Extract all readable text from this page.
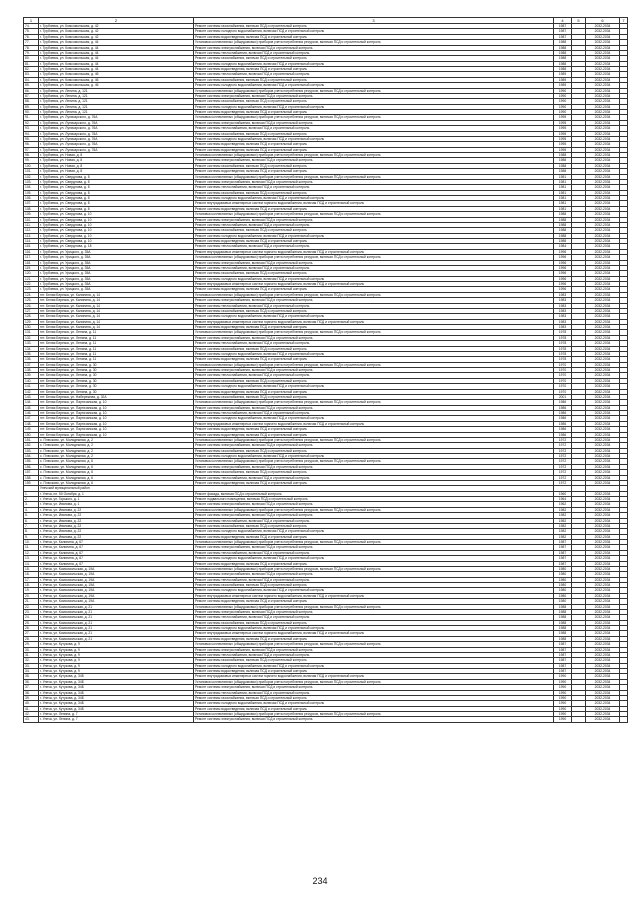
1	2	3	4	5	6	7
74.	г. Трубчевск, ул. Комсомольская, д. 42	Ремонт системы газоснабжения, включая ПСД и строительный контроль	1987		2032-2034	
75.	г. Трубчевск, ул. Комсомольская, д. 42	Ремонт системы холодного водоснабжения, включая ПСД и строительный контроль	1987		2032-2034	
76.	г. Трубчевск, ул. Комсомольская, д. 42	Ремонт системы водоотведения, включая ПСД и строительный контроль	1987		2032-2034	
77.	г. Трубчевск, ул. Комсомольская, д. 44	Установка коллективных (общедомовых) приборов учета потребления ресурсов, включая ПСД и строительный контроль	1988		2032-2034	
78.	г. Трубчевск, ул. Комсомольская, д. 44	Ремонт системы электроснабжения, включая ПСД и строительный контроль	1988		2032-2034	
79.	г. Трубчевск, ул. Комсомольская, д. 44	Ремонт системы теплоснабжения, включая ПСД и строительный контроль	1988		2032-2034	
80.	г. Трубчевск, ул. Комсомольская, д. 44	Ремонт системы газоснабжения, включая ПСД и строительный контроль	1988		2032-2034	
81.	г. Трубчевск, ул. Комсомольская, д. 44	Ремонт системы холодного водоснабжения, включая ПСД и строительный контроль	1988		2032-2034	
82.	г. Трубчевск, ул. Комсомольская, д. 44	Ремонт системы водоотведения, включая ПСД и строительный контроль	1988		2032-2034	
83.	г. Трубчевск, ул. Комсомольская, д. 46	Ремонт системы теплоснабжения, включая ПСД и строительный контроль	1989		2032-2034	
84.	г. Трубчевск, ул. Комсомольская, д. 46	Ремонт системы газоснабжения, включая ПСД и строительный контроль	1989		2032-2034	
85.	г. Трубчевск, ул. Комсомольская, д. 46	Ремонт системы холодного водоснабжения, включая ПСД и строительный контроль	1989		2032-2034	
86.	г. Трубчевск, ул. Ленина, д. 121	Установка коллективных (общедомовых) приборов учета потребления ресурсов, включая ПСД и строительный контроль	1990		2032-2034	
87.	г. Трубчевск, ул. Ленина, д. 121	Ремонт системы электроснабжения, включая ПСД и строительный контроль	1990		2032-2034	
88.	г. Трубчевск, ул. Ленина, д. 121	Ремонт системы газоснабжения, включая ПСД и строительный контроль	1990		2032-2034	
89.	г. Трубчевск, ул. Ленина, д. 121	Ремонт системы холодного водоснабжения, включая ПСД и строительный контроль	1990		2032-2034	
90.	г. Трубчевск, ул. Ленина, д. 121	Ремонт системы водоотведения, включая ПСД и строительный контроль	1990		2032-2034	
91.	г. Трубчевск, ул. Луначарского, д. 76А	Установка коллективных (общедомовых) приборов учета потребления ресурсов, включая ПСД и строительный контроль	1995		2032-2034	
92.	г. Трубчевск, ул. Луначарского, д. 76А	Ремонт системы электроснабжения, включая ПСД и строительный контроль	1995		2032-2034	
93.	г. Трубчевск, ул. Луначарского, д. 76А	Ремонт системы теплоснабжения, включая ПСД и строительный контроль	1995		2032-2034	
94.	г. Трубчевск, ул. Луначарского, д. 76А	Ремонт системы газоснабжения, включая ПСД и строительный контроль	1995		2032-2034	
95.	г. Трубчевск, ул. Луначарского, д. 76А	Ремонт системы холодного водоснабжения, включая ПСД и строительный контроль	1995		2032-2034	
96.	г. Трубчевск, ул. Луначарского, д. 76А	Ремонт системы водоотведения, включая ПСД и строительный контроль	1995		2032-2034	
97.	г. Трубчевск, ул. Луначарского, д. 76А	Ремонт системы водоотведения, включая ПСД и строительный контроль	1995		2032-2034	
98.	г. Трубчевск, ул. Новая, д. 8	Установка коллективных (общедомовых) приборов учета потребления ресурсов, включая ПСД и строительный контроль	1988		2032-2034	
99.	г. Трубчевск, ул. Новая, д. 8	Ремонт системы электроснабжения, включая ПСД и строительный контроль	1988		2032-2034	
100.	г. Трубчевск, ул. Новая, д. 8	Ремонт системы газоснабжения, включая ПСД и строительный контроль	1988		2032-2034	
101.	г. Трубчевск, ул. Новая, д. 8	Ремонт системы водоотведения, включая ПСД и строительный контроль	1988		2032-2034	
102.	г. Трубчевск, ул. Свердлова, д. 8	Установка коллективных (общедомовых) приборов учета потребления ресурсов, включая ПСД и строительный контроль	1981		2032-2034	
103.	г. Трубчевск, ул. Свердлова, д. 8	Ремонт системы электроснабжения, включая ПСД и строительный контроль	1981		2032-2034	
104.	г. Трубчевск, ул. Свердлова, д. 8	Ремонт системы теплоснабжения, включая ПСД и строительный контроль	1981		2032-2034	
105.	г. Трубчевск, ул. Свердлова, д. 8	Ремонт системы газоснабжения, включая ПСД и строительный контроль	1981		2032-2034	
106.	г. Трубчевск, ул. Свердлова, д. 8	Ремонт системы холодного водоснабжения, включая ПСД и строительный контроль	1981		2032-2034	
107.	г. Трубчевск, ул. Свердлова, д. 8	Ремонт внутридомовых инженерных систем горячего водоснабжения, включая ПСД и строительный контроль	1981		2032-2034	
108.	г. Трубчевск, ул. Свердлова, д. 8	Ремонт системы водоотведения, включая ПСД и строительный контроль	1981		2032-2034	
109.	г. Трубчевск, ул. Свердлова, д. 10	Установка коллективных (общедомовых) приборов учета потребления ресурсов, включая ПСД и строительный контроль	1988		2032-2034	
110.	г. Трубчевск, ул. Свердлова, д. 10	Ремонт системы электроснабжения, включая ПСД и строительный контроль	1988		2032-2034	
111.	г. Трубчевск, ул. Свердлова, д. 10	Ремонт системы теплоснабжения, включая ПСД и строительный контроль	1988		2032-2034	
112.	г. Трубчевск, ул. Свердлова, д. 10	Ремонт системы газоснабжения, включая ПСД и строительный контроль	1988		2032-2034	
113.	г. Трубчевск, ул. Свердлова, д. 10	Ремонт системы холодного водоснабжения, включая ПСД и строительный контроль	1988		2032-2034	
114.	г. Трубчевск, ул. Свердлова, д. 10	Ремонт системы водоотведения, включая ПСД и строительный контроль	1988		2032-2034	
115.	г. Трубчевск, ул. Свердлова, д. 18	Ремонт системы теплоснабжения, включая ПСД и строительный контроль	1984		2032-2034	
116.	г. Трубчевск, ул. Урицкого, д. 35А	Ремонт внутридомовых инженерных систем горячего водоснабжения, включая ПСД и строительный контроль	1996		2032-2034	
117.	г. Трубчевск, ул. Урицкого, д. 35А	Установка коллективных (общедомовых) приборов учета потребления ресурсов, включая ПСД и строительный контроль	1996		2032-2034	
118.	г. Трубчевск, ул. Урицкого, д. 35А	Ремонт системы электроснабжения, включая ПСД и строительный контроль	1996		2032-2034	
119.	г. Трубчевск, ул. Урицкого, д. 35А	Ремонт системы теплоснабжения, включая ПСД и строительный контроль	1996		2032-2034	
120.	г. Трубчевск, ул. Урицкого, д. 35А	Ремонт системы газоснабжения, включая ПСД и строительный контроль	1996		2032-2034	
121.	г. Трубчевск, ул. Урицкого, д. 35А	Ремонт системы холодного водоснабжения, включая ПСД и строительный контроль	1996		2032-2034	
122.	г. Трубчевск, ул. Урицкого, д. 35А	Ремонт внутридомовых инженерных систем горячего водоснабжения, включая ПСД и строительный контроль	1996		2032-2034	
123.	г. Трубчевск, ул. Урицкого, д. 35А	Ремонт системы водоотведения, включая ПСД и строительный контроль	1996		2032-2034	
124.	пгт. Белая Березка, ул. Калинина, д. 14	Установка коллективных (общедомовых) приборов учета потребления ресурсов, включая ПСД и строительный контроль	1983		2032-2034	
125.	пгт. Белая Березка, ул. Калинина, д. 14	Ремонт системы электроснабжения, включая ПСД и строительный контроль	1983		2032-2034	
126.	пгт. Белая Березка, ул. Калинина, д. 14	Ремонт системы теплоснабжения, включая ПСД и строительный контроль	1983		2032-2034	
127.	пгт. Белая Березка, ул. Калинина, д. 14	Ремонт системы газоснабжения, включая ПСД и строительный контроль	1983		2032-2034	
128.	пгт. Белая Березка, ул. Калинина, д. 14	Ремонт системы холодного водоснабжения, включая ПСД и строительный контроль	1983		2032-2034	
129.	пгт. Белая Березка, ул. Калинина, д. 14	Ремонт внутридомовых инженерных систем горячего водоснабжения, включая ПСД и строительный контроль	1983		2032-2034	
130.	пгт. Белая Березка, ул. Калинина, д. 14	Ремонт системы водоотведения, включая ПСД и строительный контроль	1983		2032-2034	
131.	пгт. Белая Березка, ул. Ленина, д. 11	Установка коллективных (общедомовых) приборов учета потребления ресурсов, включая ПСД и строительный контроль	1978		2032-2034	
132.	пгт. Белая Березка, ул. Ленина, д. 11	Ремонт системы электроснабжения, включая ПСД и строительный контроль	1978		2032-2034	
133.	пгт. Белая Березка, ул. Ленина, д. 11	Ремонт системы теплоснабжения, включая ПСД и строительный контроль	1978		2032-2034	
134.	пгт. Белая Березка, ул. Ленина, д. 11	Ремонт системы газоснабжения, включая ПСД и строительный контроль	1978		2032-2034	
135.	пгт. Белая Березка, ул. Ленина, д. 11	Ремонт системы холодного водоснабжения, включая ПСД и строительный контроль	1978		2032-2034	
136.	пгт. Белая Березка, ул. Ленина, д. 11	Ремонт системы водоотведения, включая ПСД и строительный контроль	1978		2032-2034	
137.	пгт. Белая Березка, ул. Ленина, д. 30	Установка коллективных (общедомовых) приборов учета потребления ресурсов, включая ПСД и строительный контроль	1970		2032-2034	
138.	пгт. Белая Березка, ул. Ленина, д. 30	Ремонт системы электроснабжения, включая ПСД и строительный контроль	1970		2032-2034	
139.	пгт. Белая Березка, ул. Ленина, д. 30	Ремонт системы теплоснабжения, включая ПСД и строительный контроль	1970		2032-2034	
140.	пгт. Белая Березка, ул. Ленина, д. 30	Ремонт системы газоснабжения, включая ПСД и строительный контроль	1970		2032-2034	
141.	пгт. Белая Березка, ул. Ленина, д. 30	Ремонт системы холодного водоснабжения, включая ПСД и строительный контроль	1970		2032-2034	
142.	пгт. Белая Березка, ул. Ленина, д. 30	Ремонт системы водоотведения, включая ПСД и строительный контроль	1970		2032-2034	
143.	пгт. Белая Березка, ул. Набережная, д. 32А	Ремонт системы газоснабжения, включая ПСД и строительный контроль	2001		2032-2034	
144.	пгт. Белая Березка, ул. Партизанская, д. 10	Установка коллективных (общедомовых) приборов учета потребления ресурсов, включая ПСД и строительный контроль	1986		2032-2034	
145.	пгт. Белая Березка, ул. Партизанская, д. 10	Ремонт системы электроснабжения, включая ПСД и строительный контроль	1986		2032-2034	
146.	пгт. Белая Березка, ул. Партизанская, д. 10	Ремонт системы теплоснабжения, включая ПСД и строительный контроль	1986		2032-2034	
147.	пгт. Белая Березка, ул. Партизанская, д. 10	Ремонт системы холодного водоснабжения, включая ПСД и строительный контроль	1986		2032-2034	
148.	пгт. Белая Березка, ул. Партизанская, д. 10	Ремонт внутридомовых инженерных систем горячего водоснабжения, включая ПСД и строительный контроль	1986		2032-2034	
149.	пгт. Белая Березка, ул. Партизанская, д. 10	Ремонт системы водоотведения, включая ПСД и строительный контроль	1986		2032-2034	
150.	пгт. Белая Березка, ул. Партизанская, д. 10	Ремонт системы водоотведения, включая ПСД и строительный контроль	1986		2032-2034	
151.	с. Плюсково, ул. Молодежная, д. 2	Установка коллективных (общедомовых) приборов учета потребления ресурсов, включая ПСД и строительный контроль	1972		2032-2034	
152.	с. Плюсково, ул. Молодежная, д. 2	Ремонт системы электроснабжения, включая ПСД и строительный контроль	1972		2032-2034	
153.	с. Плюсково, ул. Молодежная, д. 2	Ремонт системы газоснабжения, включая ПСД и строительный контроль	1972		2032-2034	
154.	с. Плюсково, ул. Молодежная, д. 2	Ремонт системы холодного водоснабжения, включая ПСД и строительный контроль	1972		2032-2034	
155.	с. Плюсково, ул. Молодежная, д. 6	Установка коллективных (общедомовых) приборов учета потребления ресурсов, включая ПСД и строительный контроль	1972		2032-2034	
156.	с. Плюсково, ул. Молодежная, д. 6	Ремонт системы электроснабжения, включая ПСД и строительный контроль	1972		2032-2034	
157.	с. Плюсково, ул. Молодежная, д. 6	Ремонт системы газоснабжения, включая ПСД и строительный контроль	1972		2032-2034	
158.	с. Плюсково, ул. Молодежная, д. 6	Ремонт системы теплоснабжения, включая ПСД и строительный контроль	1972		2032-2034	
159.	с. Плюсково, ул. Молодежная, д. 6	Ремонт системы водоотведения, включая ПСД и строительный контроль	1972		2032-2034	
	Унечский муниципальный район					
1.	г. Унеча, пл. 50 Октября, д. 1	Ремонт фасада, включая ПСД и строительный контроль	1960		2032-2034	
2.	г. Унеча, ул. Горького, д. 1	Ремонт подвального помещения, включая ПСД и строительный контроль	1964		2032-2034	
3.	г. Унеча, ул. Иванова, д. 1	Ремонт системы электроснабжения, включая ПСД и строительный контроль	1962		2032-2034	
4.	г. Унеча, ул. Иванова, д. 22	Установка коллективных (общедомовых) приборов учета потребления ресурсов, включая ПСД и строительный контроль	1982		2032-2034	
5.	г. Унеча, ул. Иванова, д. 22	Ремонт системы электроснабжения, включая ПСД и строительный контроль	1982		2032-2034	
6.	г. Унеча, ул. Иванова, д. 22	Ремонт системы теплоснабжения, включая ПСД и строительный контроль	1982		2032-2034	
7.	г. Унеча, ул. Иванова, д. 22	Ремонт системы газоснабжения, включая ПСД и строительный контроль	1982		2032-2034	
8.	г. Унеча, ул. Иванова, д. 22	Ремонт системы холодного водоснабжения, включая ПСД и строительный контроль	1982		2032-2034	
9.	г. Унеча, ул. Иванова, д. 22	Ремонт системы водоотведения, включая ПСД и строительный контроль	1982		2032-2034	
10.	г. Унеча, ул. Калинина, д. 67	Установка коллективных (общедомовых) приборов учета потребления ресурсов, включая ПСД и строительный контроль	1987		2032-2034	
11.	г. Унеча, ул. Калинина, д. 67	Ремонт системы электроснабжения, включая ПСД и строительный контроль	1987		2032-2034	
12.	г. Унеча, ул. Калинина, д. 67	Ремонт системы теплоснабжения, включая ПСД и строительный контроль	1987		2032-2034	
13.	г. Унеча, ул. Калинина, д. 67	Ремонт системы холодного водоснабжения, включая ПСД и строительный контроль	1987		2032-2034	
14.	г. Унеча, ул. Калинина, д. 67	Ремонт системы водоотведения, включая ПСД и строительный контроль	1987		2032-2034	
15.	г. Унеча, ул. Комсомольская, д. 19А	Установка коллективных (общедомовых) приборов учета потребления ресурсов, включая ПСД и строительный контроль	1980		2032-2034	
16.	г. Унеча, ул. Комсомольская, д. 19А	Ремонт системы электроснабжения, включая ПСД и строительный контроль	1980		2032-2034	
17.	г. Унеча, ул. Комсомольская, д. 19А	Ремонт системы теплоснабжения, включая ПСД и строительный контроль	1980		2032-2034	
18.	г. Унеча, ул. Комсомольская, д. 19А	Ремонт системы газоснабжения, включая ПСД и строительный контроль	1980		2032-2034	
19.	г. Унеча, ул. Комсомольская, д. 19А	Ремонт системы холодного водоснабжения, включая ПСД и строительный контроль	1980		2032-2034	
20.	г. Унеча, ул. Комсомольская, д. 19А	Ремонт внутридомовых инженерных систем горячего водоснабжения, включая ПСД и строительный контроль	1980		2032-2034	
21.	г. Унеча, ул. Комсомольская, д. 19А	Ремонт системы водоотведения, включая ПСД и строительный контроль	1980		2032-2034	
22.	г. Унеча, ул. Комсомольская, д. 21	Установка коллективных (общедомовых) приборов учета потребления ресурсов, включая ПСД и строительный контроль	1988		2032-2034	
23.	г. Унеча, ул. Комсомольская, д. 21	Ремонт системы электроснабжения, включая ПСД и строительный контроль	1988		2032-2034	
24.	г. Унеча, ул. Комсомольская, д. 21	Ремонт системы теплоснабжения, включая ПСД и строительный контроль	1988		2032-2034	
25.	г. Унеча, ул. Комсомольская, д. 21	Ремонт системы газоснабжения, включая ПСД и строительный контроль	1988		2032-2034	
26.	г. Унеча, ул. Комсомольская, д. 21	Ремонт системы холодного водоснабжения, включая ПСД и строительный контроль	1988		2032-2034	
27.	г. Унеча, ул. Комсомольская, д. 21	Ремонт внутридомовых инженерных систем горячего водоснабжения, включая ПСД и строительный контроль	1988		2032-2034	
28.	г. Унеча, ул. Комсомольская, д. 21	Ремонт системы водоотведения, включая ПСД и строительный контроль	1988		2032-2034	
29.	г. Унеча, ул. Кутузова, д. 9	Установка коллективных (общедомовых) приборов учета потребления ресурсов, включая ПСД и строительный контроль	1987		2032-2034	
30.	г. Унеча, ул. Кутузова, д. 9	Ремонт системы электроснабжения, включая ПСД и строительный контроль	1987		2032-2034	
31.	г. Унеча, ул. Кутузова, д. 9	Ремонт системы теплоснабжения, включая ПСД и строительный контроль	1987		2032-2034	
32.	г. Унеча, ул. Кутузова, д. 9	Ремонт системы газоснабжения, включая ПСД и строительный контроль	1987		2032-2034	
33.	г. Унеча, ул. Кутузова, д. 9	Ремонт системы холодного водоснабжения, включая ПСД и строительный контроль	1987		2032-2034	
34.	г. Унеча, ул. Кутузова, д. 9	Ремонт системы водоотведения, включая ПСД и строительный контроль	1987		2032-2034	
35.	г. Унеча, ул. Кутузова, д. 34Б	Ремонт внутридомовых инженерных систем горячего водоснабжения, включая ПСД и строительный контроль	1990		2032-2034	
36.	г. Унеча, ул. Кутузова, д. 34Б	Установка коллективных (общедомовых) приборов учета потребления ресурсов, включая ПСД и строительный контроль	1990		2032-2034	
37.	г. Унеча, ул. Кутузова, д. 34Б	Ремонт системы электроснабжения, включая ПСД и строительный контроль	1990		2032-2034	
38.	г. Унеча, ул. Кутузова, д. 34Б	Ремонт системы теплоснабжения, включая ПСД и строительный контроль	1990		2032-2034	
39.	г. Унеча, ул. Кутузова, д. 34Б	Ремонт системы газоснабжения, включая ПСД и строительный контроль	1990		2032-2034	
40.	г. Унеча, ул. Кутузова, д. 34Б	Ремонт системы холодного водоснабжения, включая ПСД и строительный контроль	1990		2032-2034	
41.	г. Унеча, ул. Кутузова, д. 34Б	Ремонт системы водоотведения, включая ПСД и строительный контроль	1990		2032-2034	
42.	г. Унеча, ул. Ленина, д. 7	Установка коллективных (общедомовых) приборов учета потребления ресурсов, включая ПСД и строительный контроль	1990		2032-2034	
43.	г. Унеча, ул. Ленина, д. 7	Ремонт системы электроснабжения, включая ПСД и строительный контроль	1990		2032-2034	
234
